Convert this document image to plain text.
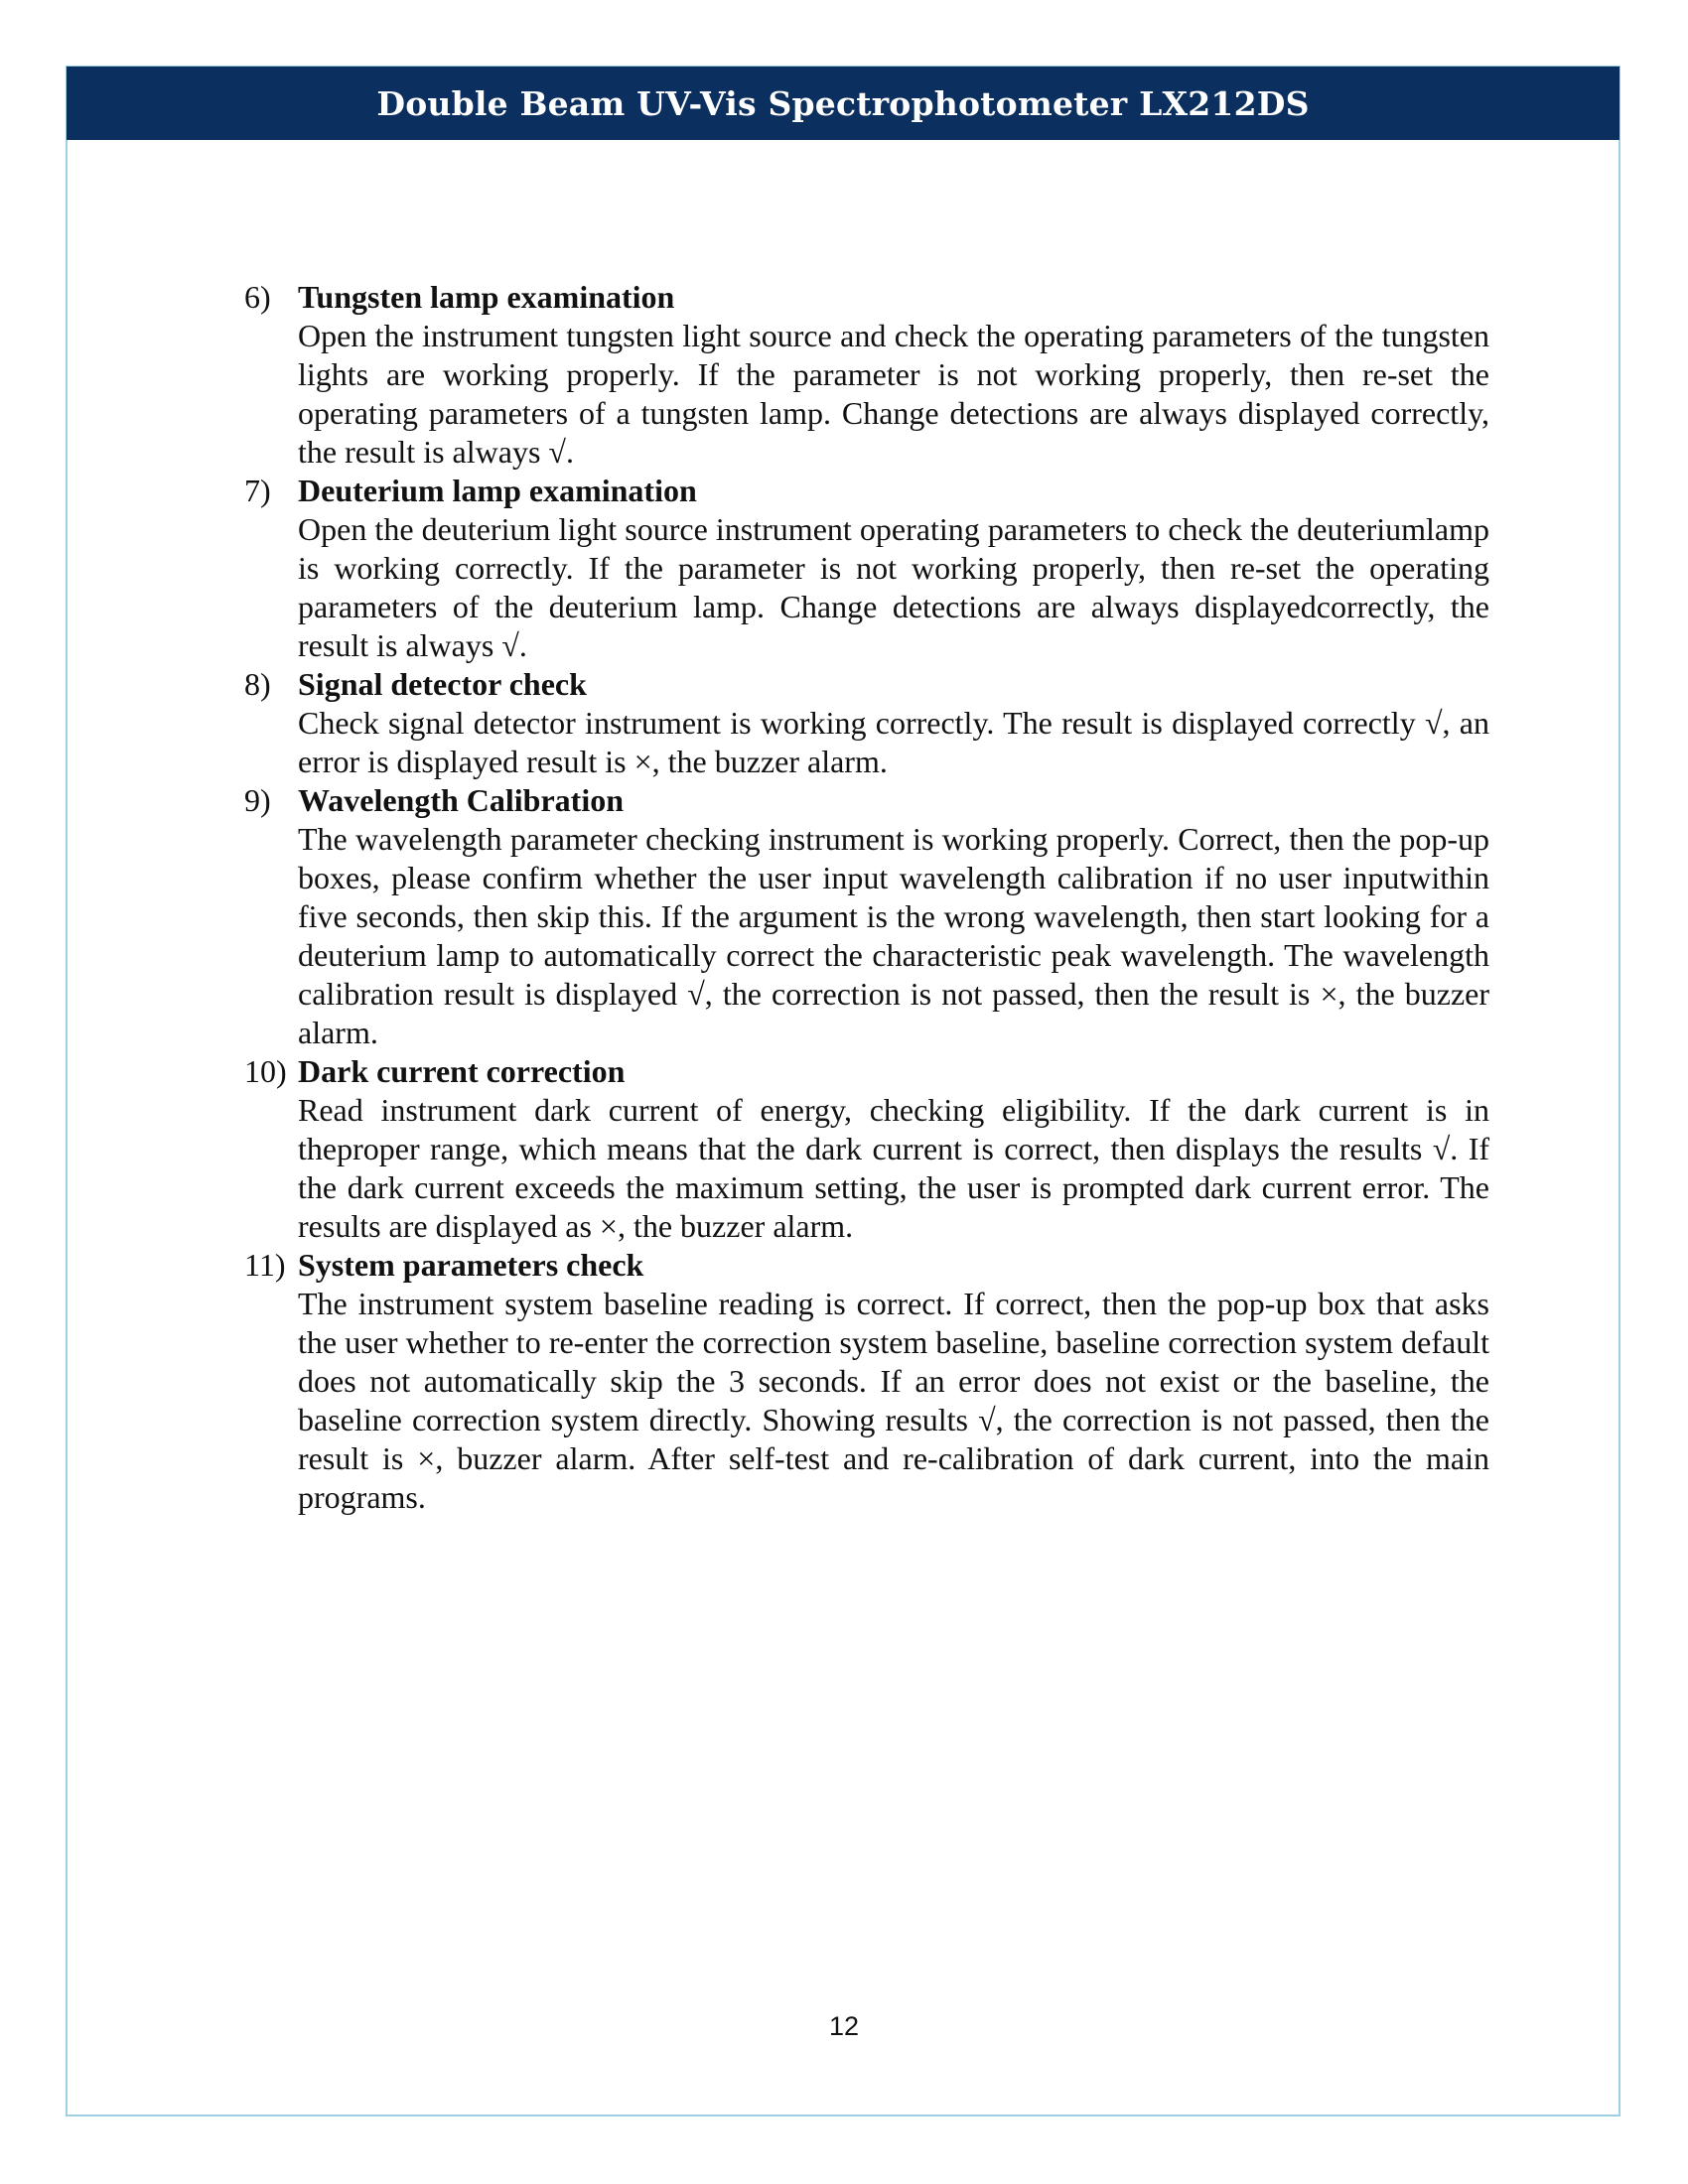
Double Beam UV-Vis Spectrophotometer LX212DS
6) Tungsten lamp examination
Open the instrument tungsten light source and check the operating parameters of the tungsten lights are working properly. If the parameter is not working properly, then re-set the operating parameters of a tungsten lamp. Change detections are always displayed correctly, the result is always √.
7) Deuterium lamp examination
Open the deuterium light source instrument operating parameters to check the deuteriumlamp is working correctly. If the parameter is not working properly, then re-set the operating parameters of the deuterium lamp. Change detections are always displayedcorrectly, the result is always √.
8) Signal detector check
Check signal detector instrument is working correctly. The result is displayed correctly √, an error is displayed result is ×, the buzzer alarm.
9) Wavelength Calibration
The wavelength parameter checking instrument is working properly. Correct, then the pop-up boxes, please confirm whether the user input wavelength calibration if no user inputwithin five seconds, then skip this. If the argument is the wrong wavelength, then start looking for a deuterium lamp to automatically correct the characteristic peak wavelength. The wavelength calibration result is displayed √, the correction is not passed, then the result is ×, the buzzer alarm.
10) Dark current correction
Read instrument dark current of energy, checking eligibility. If the dark current is in theproper range, which means that the dark current is correct, then displays the results √. If the dark current exceeds the maximum setting, the user is prompted dark current error. The results are displayed as ×, the buzzer alarm.
11) System parameters check
The instrument system baseline reading is correct. If correct, then the pop-up box that asks the user whether to re-enter the correction system baseline, baseline correction system default does not automatically skip the 3 seconds. If an error does not exist or the baseline, the baseline correction system directly. Showing results √, the correction is not passed, then the result is ×, buzzer alarm. After self-test and re-calibration of dark current, into the main programs.
12
